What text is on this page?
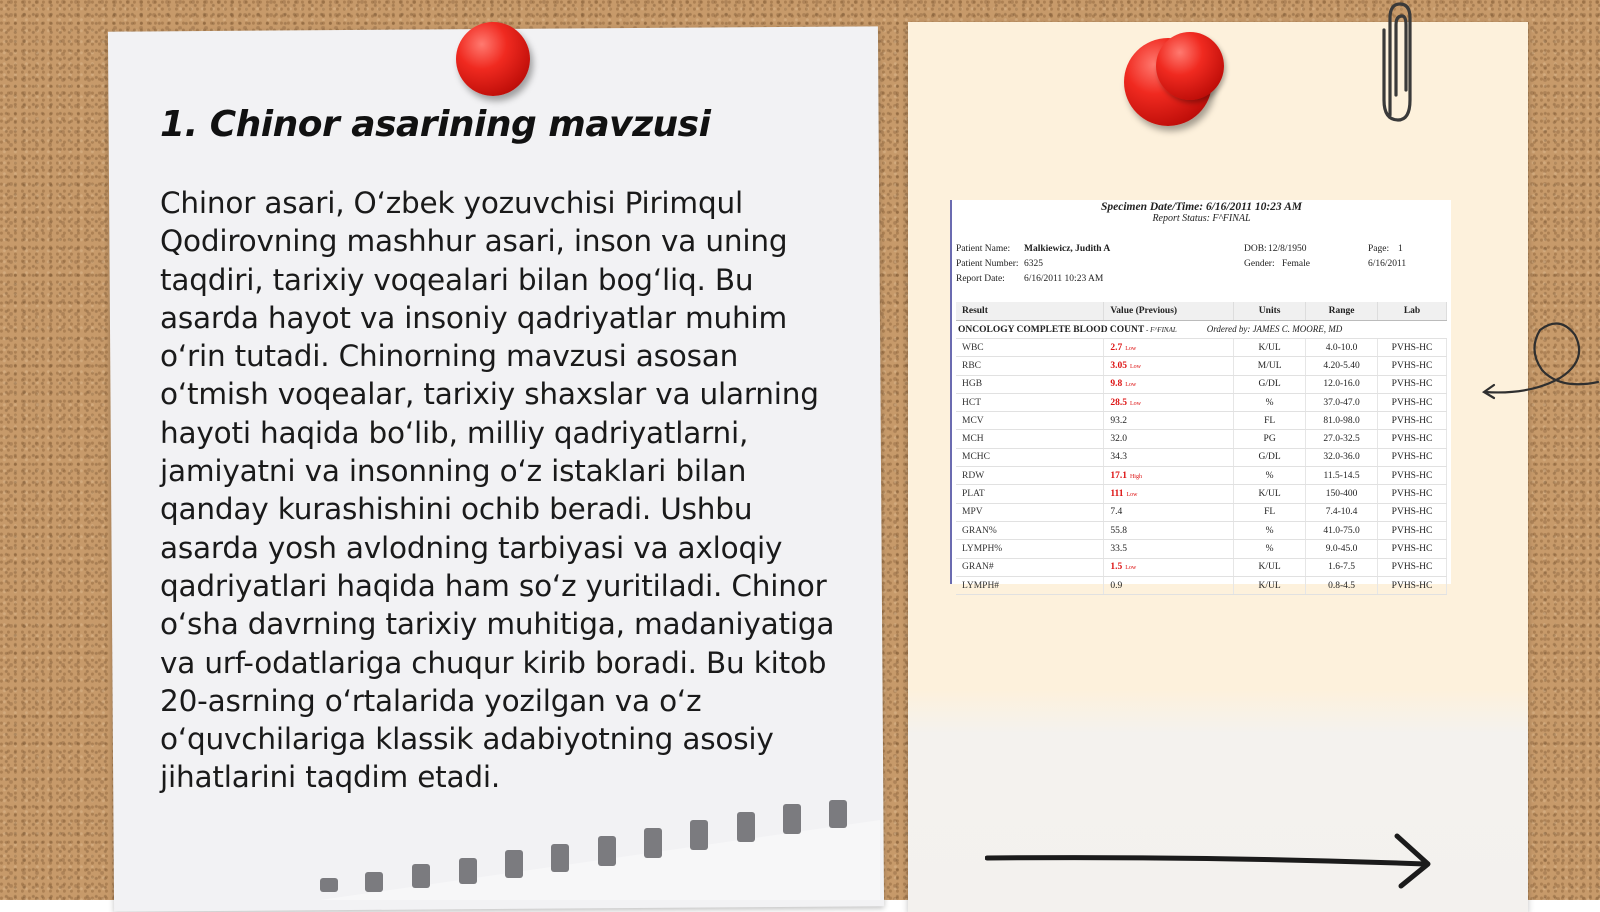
1. Chinor asarining mavzusi

Chinor asari, O‘zbek yozuvchisi Pirimqul Qodirovning mashhur asari, inson va uning taqdiri, tarixiy voqealari bilan bog‘liq. Bu asarda hayot va insoniy qadriyatlar muhim o‘rin tutadi. Chinorning mavzusi asosan o‘tmish voqealar, tarixiy shaxslar va ularning hayoti haqida bo‘lib, milliy qadriyatlarni, jamiyatni va insonning o‘z istaklari bilan qanday kurashishini ochib beradi. Ushbu asarda yosh avlodning tarbiyasi va axloqiy qadriyatlari haqida ham so‘z yuritiladi. Chinor o‘sha davrning tarixiy muhitiga, madaniyatiga va urf-odatlariga chuqur kirib boradi. Bu kitob 20-asrning o‘rtalarida yozilgan va o‘z o‘quvchilariga klassik adabiyotning asosiy jihatlarini taqdim etadi.

Specimen Date/Time: 6/16/2011 10:23 AM
Report Status: F^FINAL
Patient Name: Malkiewicz, Judith A	DOB: 12/8/1950	Page: 1
Patient Number: 6325	Gender: Female	6/16/2011
Report Date: 6/16/2011 10:23 AM
Result	Value (Previous)	Units	Range	Lab
ONCOLOGY COMPLETE BLOOD COUNT - F^FINAL Ordered by: JAMES C. MOORE, MD				
WBC	2.7 Low	K/UL	4.0-10.0	PVHS-HC
RBC	3.05 Low	M/UL	4.20-5.40	PVHS-HC
HGB	9.8 Low	G/DL	12.0-16.0	PVHS-HC
HCT	28.5 Low	%	37.0-47.0	PVHS-HC
MCV	93.2	FL	81.0-98.0	PVHS-HC
MCH	32.0	PG	27.0-32.5	PVHS-HC
MCHC	34.3	G/DL	32.0-36.0	PVHS-HC
RDW	17.1 High	%	11.5-14.5	PVHS-HC
PLAT	111 Low	K/UL	150-400	PVHS-HC
MPV	7.4	FL	7.4-10.4	PVHS-HC
GRAN%	55.8	%	41.0-75.0	PVHS-HC
LYMPH%	33.5	%	9.0-45.0	PVHS-HC
GRAN#	1.5 Low	K/UL	1.6-7.5	PVHS-HC
LYMPH#	0.9	K/UL	0.8-4.5	PVHS-HC
